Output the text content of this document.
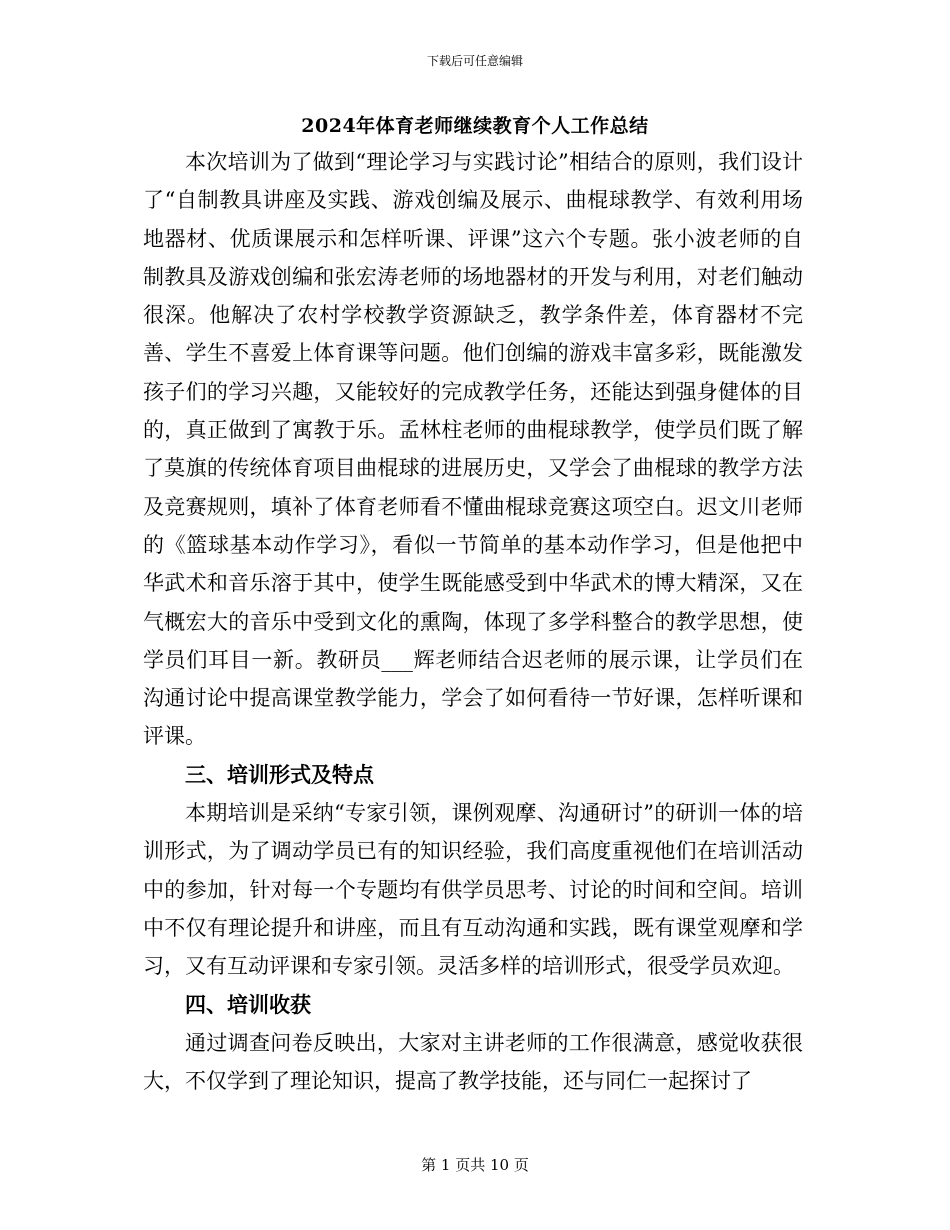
下载后可任意编辑
2024年体育老师继续教育个人工作总结

本次培训为了做到“理论学习与实践讨论”相结合的原则，我们设计了“自制教具讲座及实践、游戏创编及展示、曲棍球教学、有效利用场地器材、优质课展示和怎样听课、评课”这六个专题。张小波老师的自制教具及游戏创编和张宏涛老师的场地器材的开发与利用，对老们触动很深。他解决了农村学校教学资源缺乏，教学条件差，体育器材不完善、学生不喜爱上体育课等问题。他们创编的游戏丰富多彩，既能激发孩子们的学习兴趣，又能较好的完成教学任务，还能达到强身健体的目的，真正做到了寓教于乐。孟林柱老师的曲棍球教学，使学员们既了解了莫旗的传统体育项目曲棍球的进展历史，又学会了曲棍球的教学方法及竞赛规则，填补了体育老师看不懂曲棍球竞赛这项空白。迟文川老师的《篮球基本动作学习》，看似一节简单的基本动作学习，但是他把中华武术和音乐溶于其中，使学生既能感受到中华武术的博大精深，又在气概宏大的音乐中受到文化的熏陶，体现了多学科整合的教学思想，使学员们耳目一新。教研员___辉老师结合迟老师的展示课，让学员们在沟通讨论中提高课堂教学能力，学会了如何看待一节好课，怎样听课和评课。

三、培训形式及特点

本期培训是采纳“专家引领，课例观摩、沟通研讨”的研训一体的培训形式，为了调动学员已有的知识经验，我们高度重视他们在培训活动中的参加，针对每一个专题均有供学员思考、讨论的时间和空间。培训中不仅有理论提升和讲座，而且有互动沟通和实践，既有课堂观摩和学习，又有互动评课和专家引领。灵活多样的培训形式，很受学员欢迎。

四、培训收获

通过调查问卷反映出，大家对主讲老师的工作很满意，感觉收获很大，不仅学到了理论知识，提高了教学技能，还与同仁一起探讨了

第 1 页共 10 页
